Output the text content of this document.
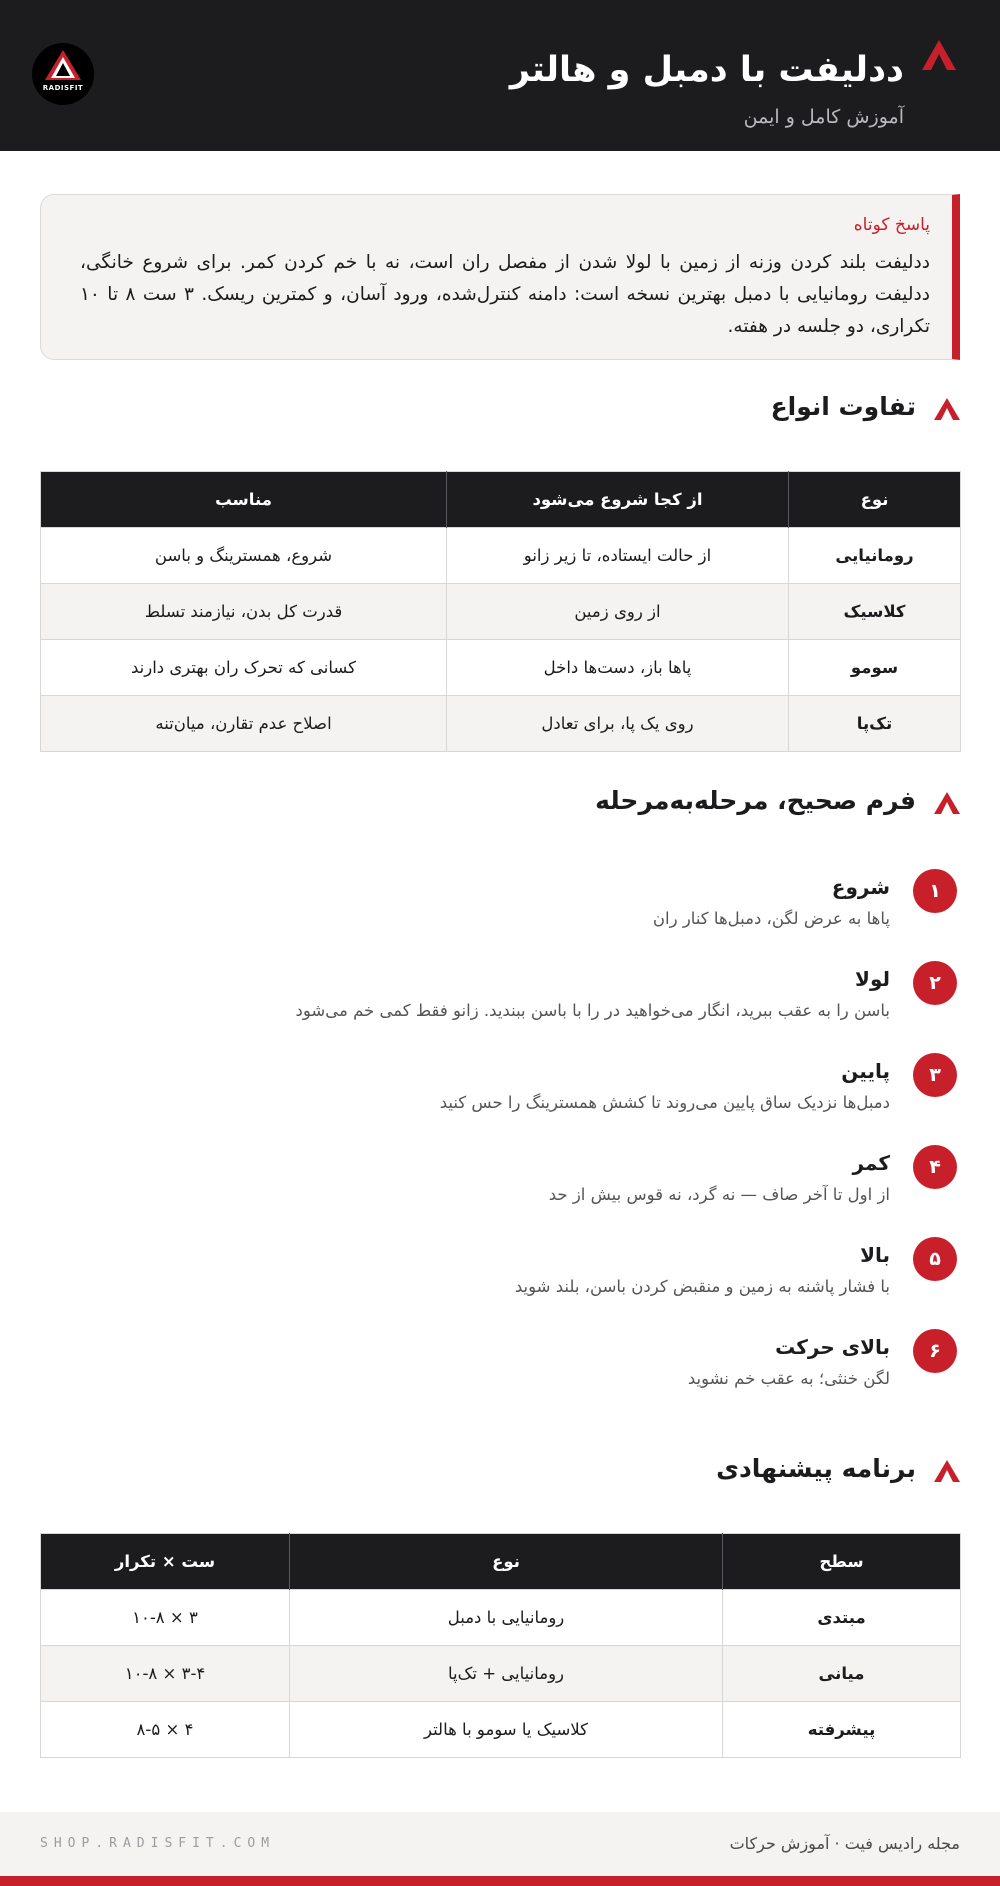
ددلیفت با دمبل و هالتر
آموزش کامل و ایمن
RADISFIT
پاسخ کوتاه
ددلیفت بلند کردن وزنه از زمین با لولا شدن از مفصل ران است، نه با خم کردن کمر. برای شروع خانگی، ددلیفت رومانیایی با دمبل بهترین نسخه است: دامنه کنترل‌شده، ورود آسان، و کمترین ریسک. ۳ ست ۸ تا ۱۰ تکراری، دو جلسه در هفته.
تفاوت انواع
نوع	از کجا شروع می‌شود	مناسب
رومانیایی	از حالت ایستاده، تا زیر زانو	شروع، همسترینگ و باسن
کلاسیک	از روی زمین	قدرت کل بدن، نیازمند تسلط
سومو	پاها باز، دست‌ها داخل	کسانی که تحرک ران بهتری دارند
تک‌پا	روی یک پا، برای تعادل	اصلاح عدم تقارن، میان‌تنه
فرم صحیح، مرحله‌به‌مرحله
۱
شروع
پاها به عرض لگن، دمبل‌ها کنار ران
۲
لولا
باسن را به عقب ببرید، انگار می‌خواهید در را با باسن ببندید. زانو فقط کمی خم می‌شود
۳
پایین
دمبل‌ها نزدیک ساق پایین می‌روند تا کشش همسترینگ را حس کنید
۴
کمر
از اول تا آخر صاف — نه گرد، نه قوس بیش از حد
۵
بالا
با فشار پاشنه به زمین و منقبض کردن باسن، بلند شوید
۶
بالای حرکت
لگن خنثی؛ به عقب خم نشوید
برنامه پیشنهادی
سطح	نوع	ست × تکرار
مبتدی	رومانیایی با دمبل	۳ × ۱۰-۸
میانی	رومانیایی + تک‌پا	۳-۴ × ۱۰-۸
پیشرفته	کلاسیک یا سومو با هالتر	۴ × ۸-۵
مجله رادیس فیت · آموزش حرکات
SHOP.RADISFIT.COM
